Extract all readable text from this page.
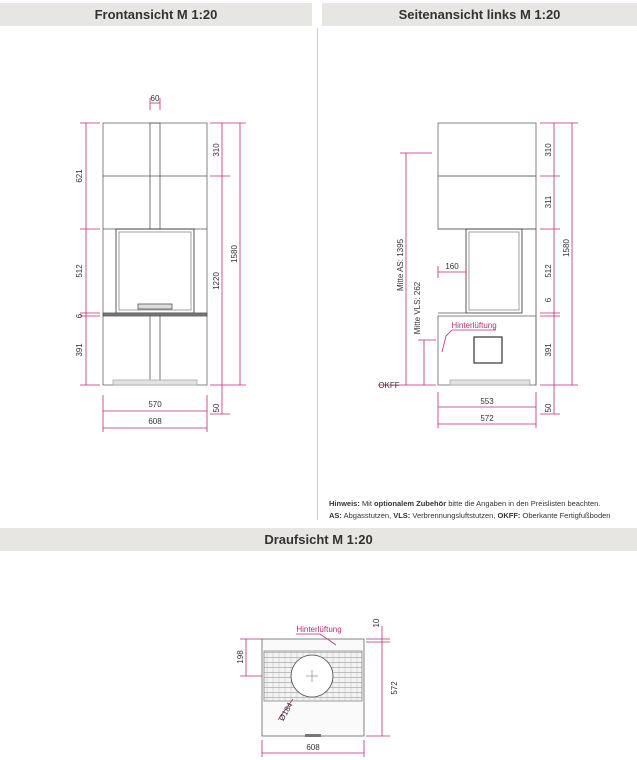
Frontansicht M 1:20	Seitenansicht links M 1:20
Draufsicht M 1:20
Hinweis: Mit optionalem Zubehör bitte die Angaben in den Preislisten beachten.
AS: Abgasstutzen, VLS: Verbrennungsluftstutzen, OKFF: Oberkante Fertigfußboden
60
621
512
6
391
310
1220
50
1580
570
608
310
311
512
6
391
50
1580
Mitte AS: 1395
Mitte VLS: 262
160
Hinterlüftung
OKFF
553
572
Hinterlüftung
10
198
572
Ø184
608
